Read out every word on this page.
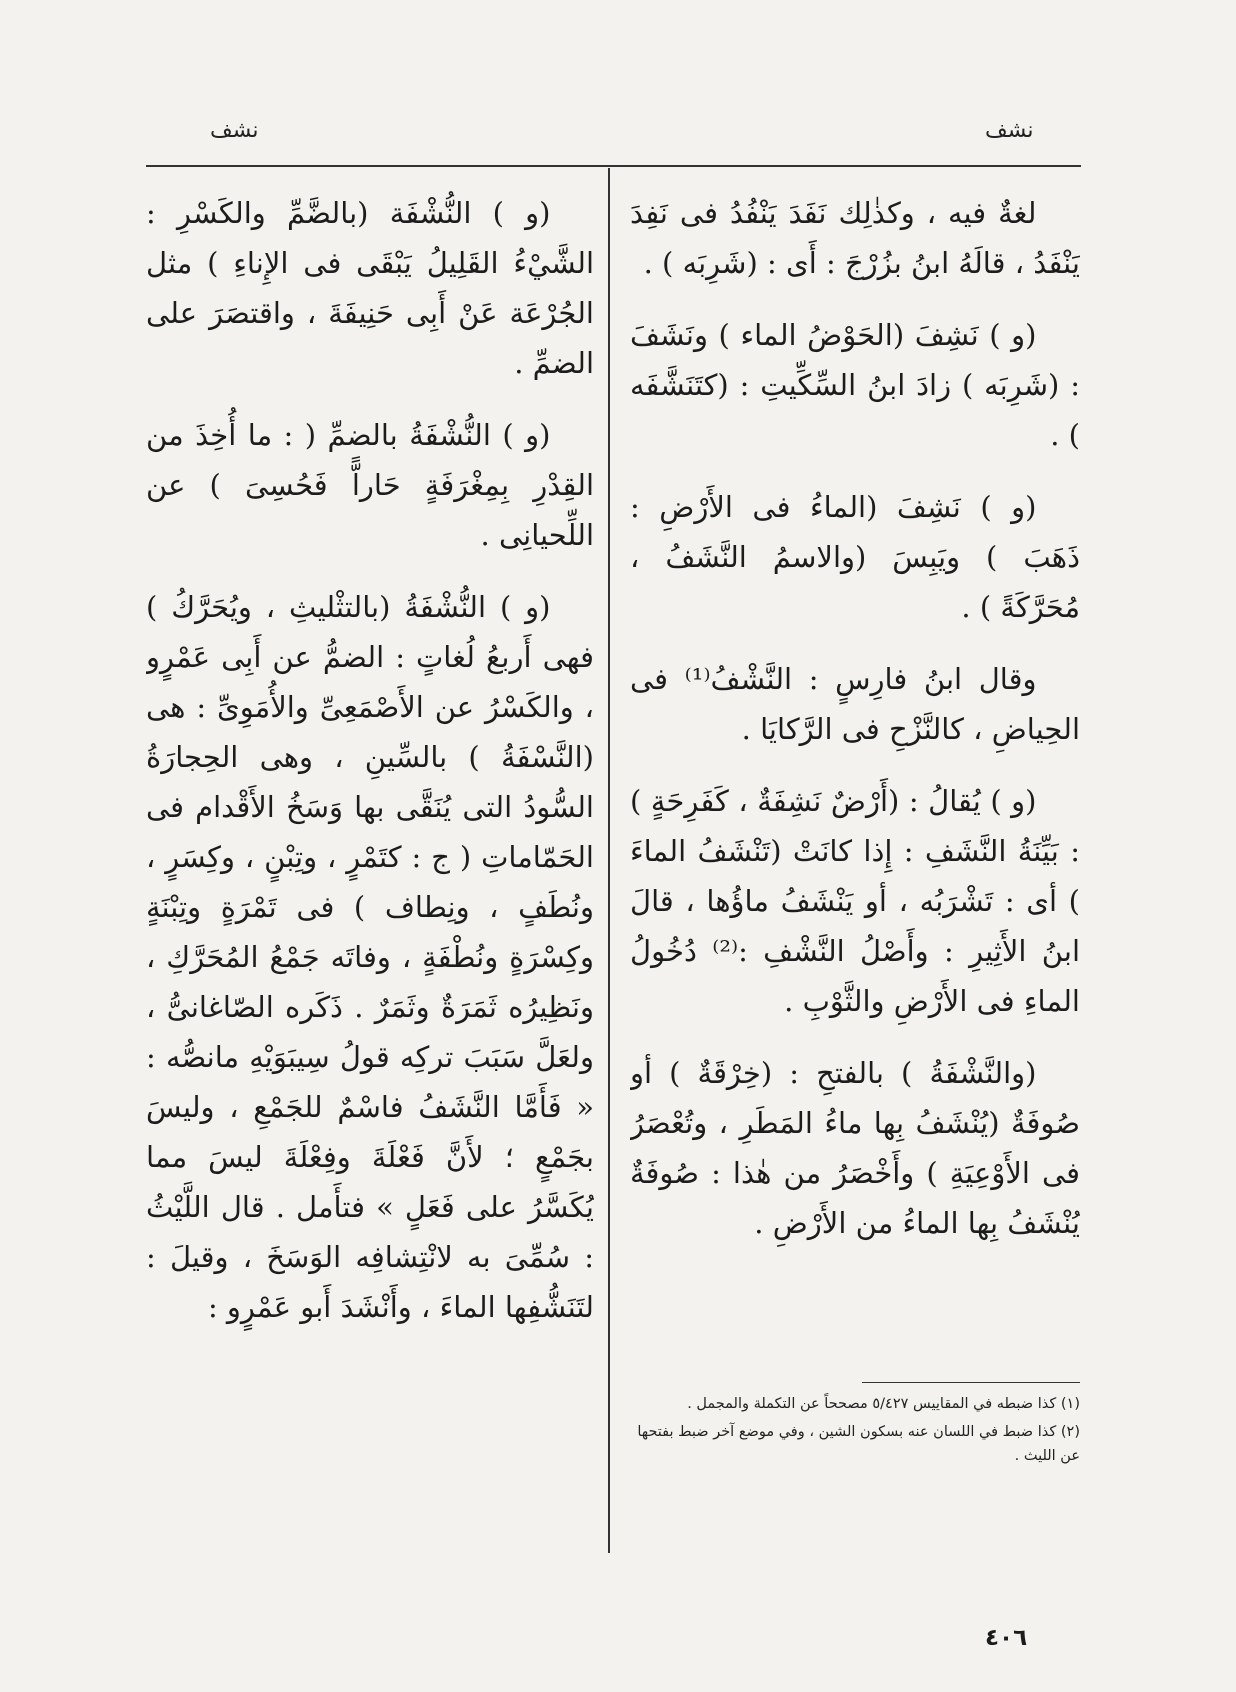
نشف
نشف

لغةٌ فيه ، وكذٰلِك نَفَدَ يَنْفُدُ فى نَفِدَ يَنْفَدُ ، قالَهُ ابنُ بزُرْجَ : أَى : (شَرِبَه ) .

(و ) نَشِفَ (الحَوْضُ الماء ) ونَشَفَ : (شَرِبَه ) زادَ ابنُ السِّكِّيتِ : (كتَنَشَّفَه ) .

(و ) نَشِفَ (الماءُ فى الأَرْضِ : ذَهَبَ ) ويَبِسَ (والاسمُ النَّشَفُ ، مُحَرَّكَةً ) .

وقال ابنُ فارِسٍ : النَّشْفُ⁽¹⁾ فى الحِياضِ ، كالنَّزْحِ فى الرَّكايَا .

(و ) يُقالُ : (أَرْضٌ نَشِفَةٌ ، كَفَرِحَةٍ ) : بَيِّنَةُ النَّشَفِ : إِذا كانَتْ (تَنْشَفُ الماءَ ) أى : تَشْرَبُه ، أو يَنْشَفُ ماؤُها ، قالَ ابنُ الأَثِيرِ : وأَصْلُ النَّشْفِ :⁽²⁾ دُخُولُ الماءِ فى الأَرْضِ والثَّوْبِ .

(والنَّشْفَةُ ) بالفتحِ : (خِرْقَةٌ ) أو صُوفَةٌ (يُنْشَفُ بِها ماءُ المَطَرِ ، وتُعْصَرُ فى الأَوْعِيَةِ ) وأَخْصَرُ من هٰذا : صُوفَةٌ يُنْشَفُ بِها الماءُ من الأَرْضِ .

(١) كذا ضبطه في المقاييس ٥/٤٢٧ مصححاً عن التكملة والمجمل .

(٢) كذا ضبط في اللسان عنه بسكون الشين ، وفي موضع آخر ضبط بفتحها عن الليث .

(و ) النُّشْفَة (بالضَّمِّ والكَسْرِ : الشَّيْءُ القَلِيلُ يَبْقَى فى الإِناءِ ) مثل الجُرْعَة عَنْ أَبِى حَنِيفَةَ ، واقتصَرَ على الضمِّ .

(و ) النُّشْفَةُ بالضمِّ ( : ما أُخِذَ من القِدْرِ بِمِغْرَفَةٍ حَاراًّ فَحُسِىَ ) عن اللِّحيانِى .

(و ) النُّشْفَةُ (بالتثْليثِ ، ويُحَرَّكُ ) فهى أَربعُ لُغاتٍ : الضمُّ عن أَبِى عَمْرٍو ، والكَسْرُ عن الأَصْمَعِىِّ والأُمَوِىِّ : هى (النَّسْفَةُ ) بالسِّينِ ، وهى الحِجارَةُ السُّودُ التى يُنَقَّى بها وَسَخُ الأَقْدام فى الحَمّاماتِ ( ج : كتَمْرٍ ، وتِبْنٍ ، وكِسَرٍ ، ونُطَفٍ ، ونِطاف ) فى تَمْرَةٍ وتِبْنَةٍ وكِسْرَةٍ ونُطْفَةٍ ، وفاتَه جَمْعُ المُحَرَّكِ ، ونَظِيرُه ثَمَرَةٌ وثَمَرٌ . ذَكَره الصّاغانىُّ ، ولعَلَّ سَبَبَ تركِه قولُ سِيبَوَيْهِ مانصُّه : « فَأَمَّا النَّشَفُ فاسْمٌ للجَمْعِ ، وليسَ بجَمْعٍ ؛ لأَنَّ فَعْلَةَ وفِعْلَةَ ليسَ مما يُكَسَّرُ على فَعَلٍ » فتأَمل . قال اللَّيْثُ : سُمِّىَ به لانْتِشافِه الوَسَخَ ، وقيلَ : لتَنَشُّفِها الماءَ ، وأَنْشَدَ أَبو عَمْرٍو :

٤٠٦
